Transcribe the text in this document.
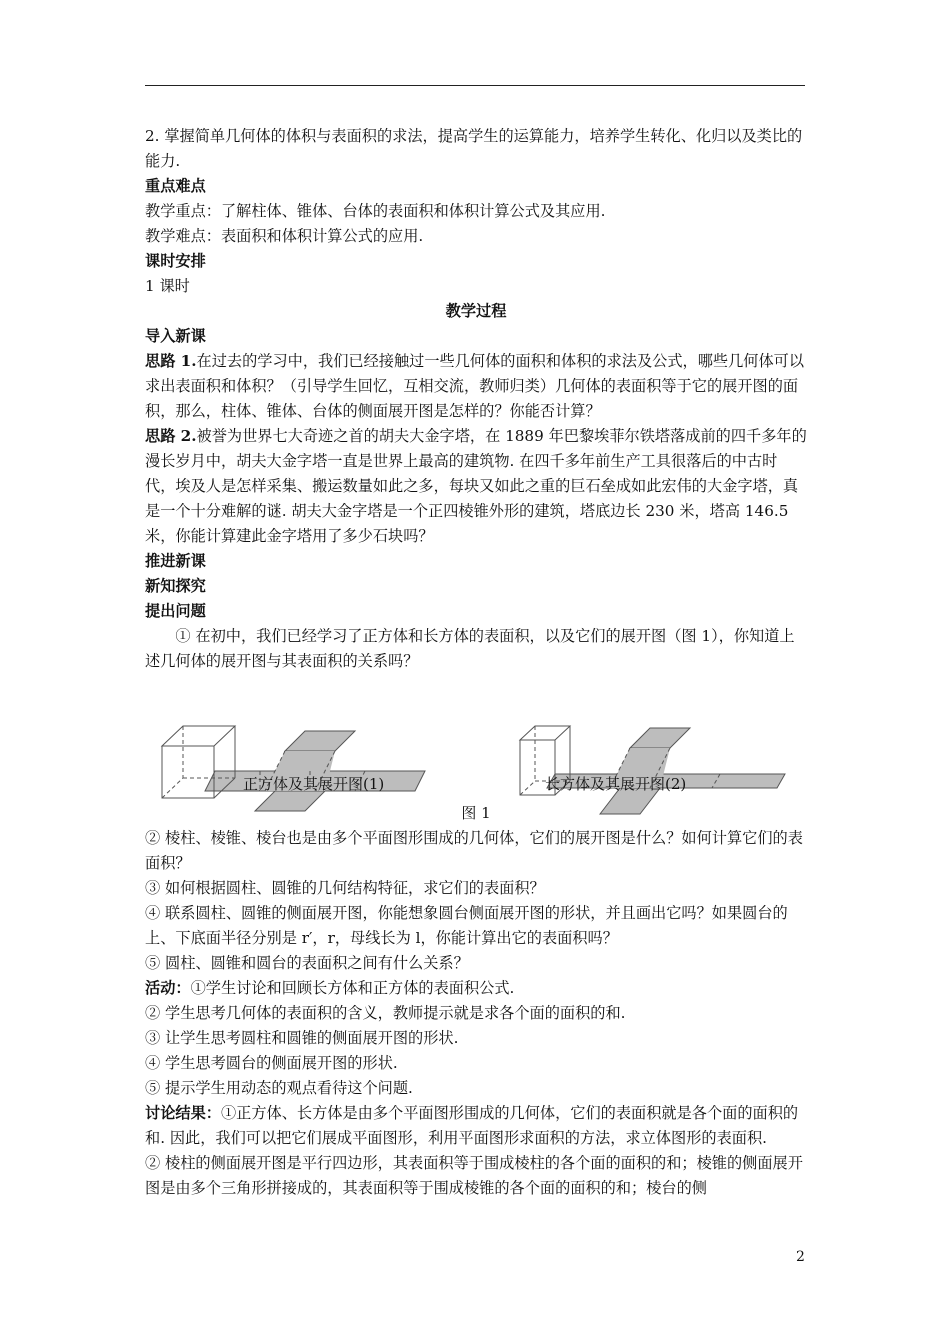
2. 掌握简单几何体的体积与表面积的求法，提高学生的运算能力，培养学生转化、化归以及类比的能力.

重点难点

教学重点：了解柱体、锥体、台体的表面积和体积计算公式及其应用.

教学难点：表面积和体积计算公式的应用.

课时安排

1 课时

教学过程

导入新课

思路 1.在过去的学习中，我们已经接触过一些几何体的面积和体积的求法及公式，哪些几何体可以求出表面积和体积？（引导学生回忆，互相交流，教师归类）几何体的表面积等于它的展开图的面积，那么，柱体、锥体、台体的侧面展开图是怎样的？你能否计算？

思路 2.被誉为世界七大奇迹之首的胡夫大金字塔，在 1889 年巴黎埃菲尔铁塔落成前的四千多年的漫长岁月中，胡夫大金字塔一直是世界上最高的建筑物. 在四千多年前生产工具很落后的中古时代，埃及人是怎样采集、搬运数量如此之多，每块又如此之重的巨石垒成如此宏伟的大金字塔，真是一个十分难解的谜. 胡夫大金字塔是一个正四棱锥外形的建筑，塔底边长 230 米，塔高 146.5 米，你能计算建此金字塔用了多少石块吗？

推进新课

新知探究

提出问题

① 在初中，我们已经学习了正方体和长方体的表面积，以及它们的展开图（图 1），你知道上述几何体的展开图与其表面积的关系吗？

正方体及其展开图(1)	长方体及其展开图(2)
图 1

② 棱柱、棱锥、棱台也是由多个平面图形围成的几何体，它们的展开图是什么？如何计算它们的表面积？

③ 如何根据圆柱、圆锥的几何结构特征，求它们的表面积？

④ 联系圆柱、圆锥的侧面展开图，你能想象圆台侧面展开图的形状，并且画出它吗？如果圆台的上、下底面半径分别是 r′，r，母线长为 l，你能计算出它的表面积吗？

⑤ 圆柱、圆锥和圆台的表面积之间有什么关系？

活动：①学生讨论和回顾长方体和正方体的表面积公式.

② 学生思考几何体的表面积的含义，教师提示就是求各个面的面积的和.

③ 让学生思考圆柱和圆锥的侧面展开图的形状.

④ 学生思考圆台的侧面展开图的形状.

⑤ 提示学生用动态的观点看待这个问题.

讨论结果：①正方体、长方体是由多个平面图形围成的几何体，它们的表面积就是各个面的面积的和. 因此，我们可以把它们展成平面图形，利用平面图形求面积的方法，求立体图形的表面积.

② 棱柱的侧面展开图是平行四边形，其表面积等于围成棱柱的各个面的面积的和；棱锥的侧面展开图是由多个三角形拼接成的，其表面积等于围成棱锥的各个面的面积的和；棱台的侧

2
